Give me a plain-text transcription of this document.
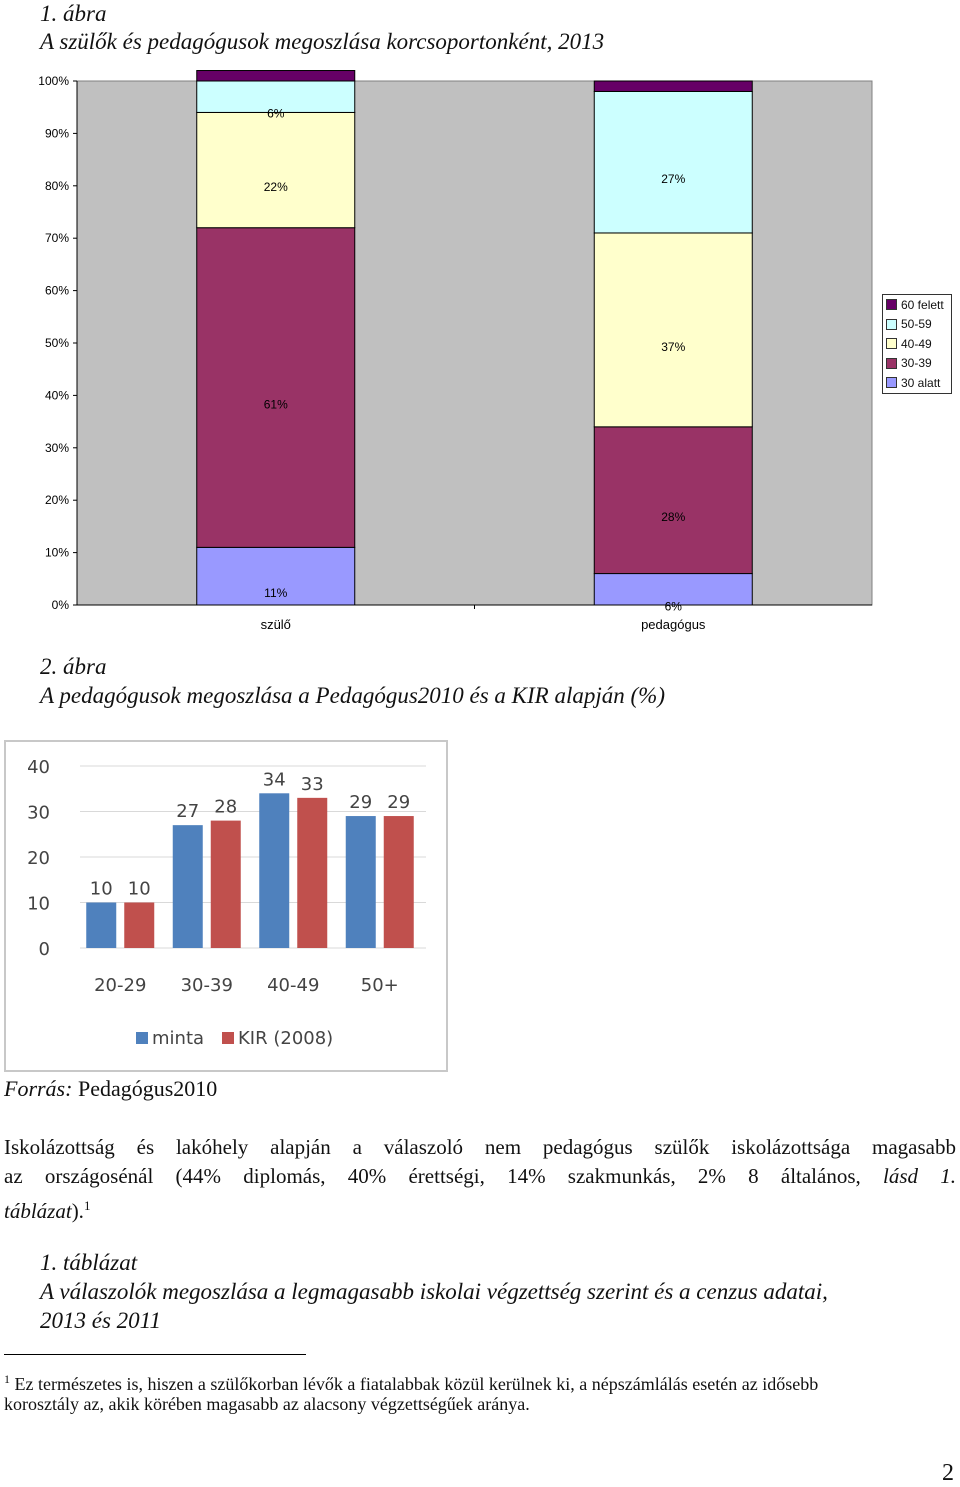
1. ábra
A szülők és pedagógusok megoszlása korcsoportonként, 2013
0%
10%
20%
30%
40%
50%
60%
70%
80%
90%
100%
11%
61%
22%
6%
szülő
6%
28%
37%
27%
pedagógus
60 felett
50-59
40-49
30-39
30 alatt
2. ábra
A pedagógusok megoszlása a Pedagógus2010 és a KIR alapján (%)
0
10
20
30
40
10 10
20-29
27 28
30-39
34 33
40-49
29 29
50+
minta KIR (2008)
Forrás: Pedagógus2010
Iskolázottság és lakóhely alapján a válaszoló nem pedagógus szülők iskolázottsága magasabb
az országosénál (44% diplomás, 40% érettségi, 14% szakmunkás, 2% 8 általános, lásd 1.
táblázat).$^1$
1. táblázat
A válaszolók megoszlása a legmagasabb iskolai végzettség szerint és a cenzus adatai,
2013 és 2011
$^1$ Ez természetes is, hiszen a szülőkorban lévők a fiatalabbak közül kerülnek ki, a népszámlálás esetén az idősebb
korosztály az, akik körében magasabb az alacsony végzettségűek aránya.
2
